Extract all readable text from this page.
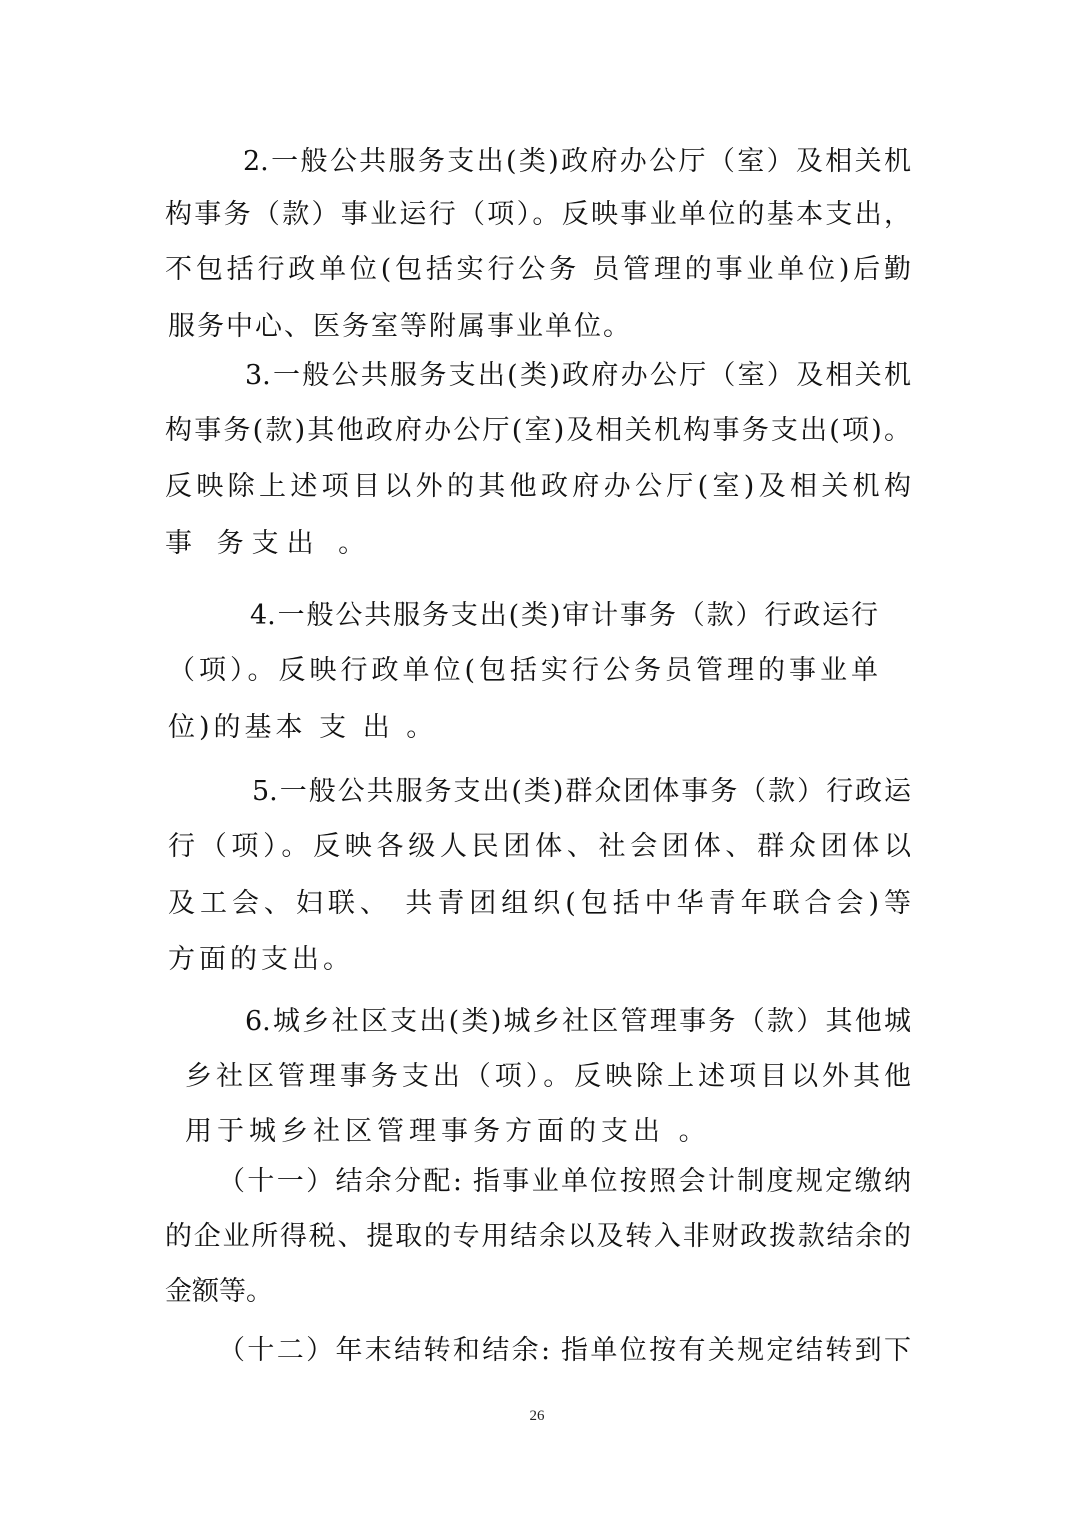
2.一般公共服务支出(类)政府办公厅（室）及相关机
构事务（款）事业运行（项）。反映事业单位的基本支出，
不包括行政单位(包括实行公务 员管理的事业单位)后勤
服务中心、医务室等附属事业单位。
3.一般公共服务支出(类)政府办公厅（室）及相关机
构事务(款)其他政府办公厅(室)及相关机构事务支出(项)。
反映除上述项目以外的其他政府办公厅(室)及相关机构
事 务支出 。
4.一般公共服务支出(类)审计事务（款）行政运行
（项）。反映行政单位(包括实行公务员管理的事业单
位)的基本 支 出 。
5.一般公共服务支出(类)群众团体事务（款）行政运
行（项）。反映各级人民团体、社会团体、群众团体以
及工会、妇联、 共青团组织(包括中华青年联合会)等
方面的支出。
6.城乡社区支出(类)城乡社区管理事务（款）其他城
乡社区管理事务支出（项）。反映除上述项目以外其他
用于城乡社区管理事务方面的支出 。
（十一）结余分配: 指事业单位按照会计制度规定缴纳
的企业所得税、提取的专用结余以及转入非财政拨款结余的
金额等。
（十二）年末结转和结余: 指单位按有关规定结转到下
26
